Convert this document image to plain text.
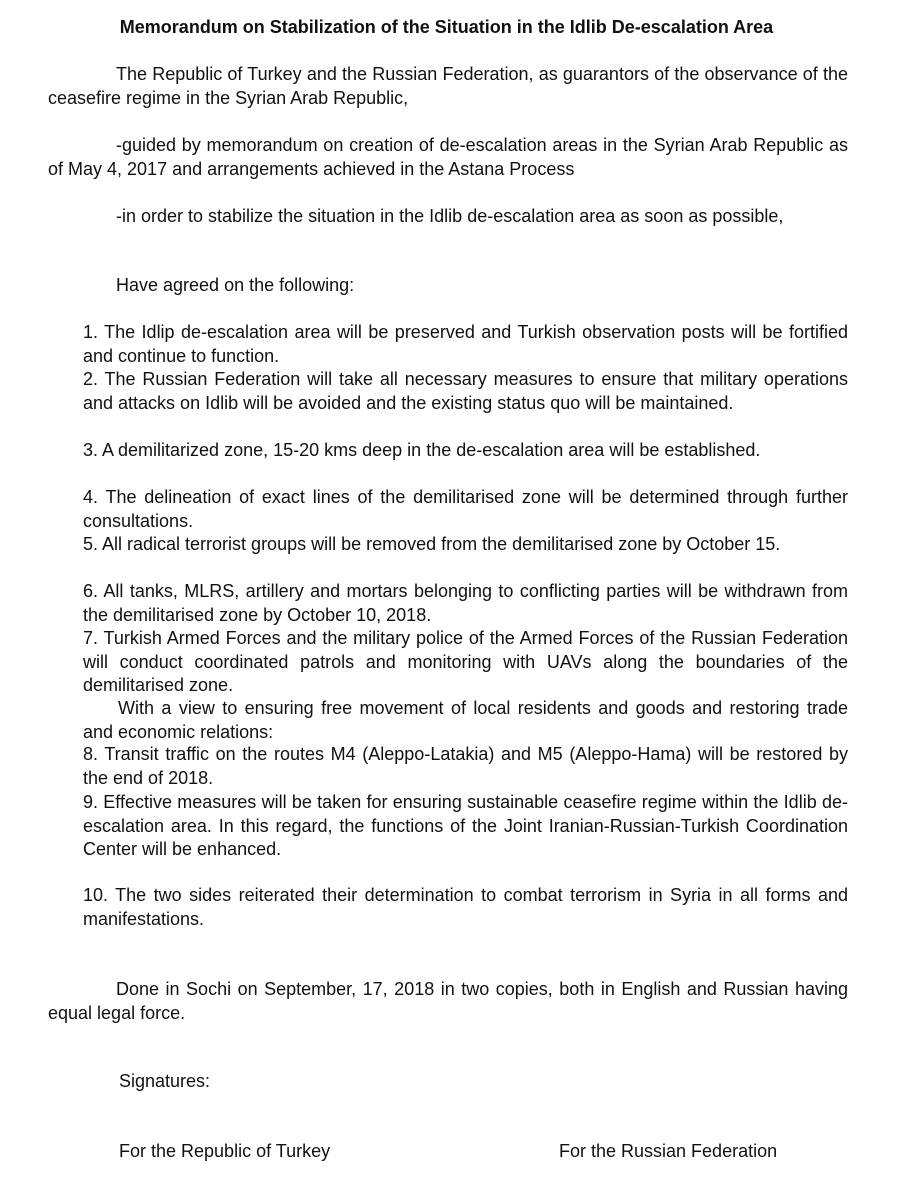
Memorandum on Stabilization of the Situation in the Idlib De-escalation Area

The Republic of Turkey and the Russian Federation, as guarantors of the observance of the ceasefire regime in the Syrian Arab Republic,

-guided by memorandum on creation of de-escalation areas in the Syrian Arab Republic as of May 4, 2017 and arrangements achieved in the Astana Process

-in order to stabilize the situation in the Idlib de-escalation area as soon as possible,

Have agreed on the following:

1. The Idlip de-escalation area will be preserved and Turkish observation posts will be fortified and continue to function.

2. The Russian Federation will take all necessary measures to ensure that military operations and attacks on Idlib will be avoided and the existing status quo will be maintained.

3. A demilitarized zone, 15-20 kms deep in the de-escalation area will be established.

4. The delineation of exact lines of the demilitarised zone will be determined through further consultations.

5. All radical terrorist groups will be removed from the demilitarised zone by October 15.

6. All tanks, MLRS, artillery and mortars belonging to conflicting parties will be withdrawn from the demilitarised zone by October 10, 2018.

7. Turkish Armed Forces and the military police of the Armed Forces of the Russian Federation will conduct coordinated patrols and monitoring with UAVs along the boundaries of the demilitarised zone.

With a view to ensuring free movement of local residents and goods and restoring trade and economic relations:

8. Transit traffic on the routes M4 (Aleppo-Latakia) and M5 (Aleppo-Hama) will be restored by the end of 2018.

9. Effective measures will be taken for ensuring sustainable ceasefire regime within the Idlib de-escalation area. In this regard, the functions of the Joint Iranian-Russian-Turkish Coordination Center will be enhanced.

10. The two sides reiterated their determination to combat terrorism in Syria in all forms and manifestations.

Done in Sochi on September, 17, 2018 in two copies, both in English and Russian having equal legal force.

Signatures:

For the Republic of Turkey	For the Russian Federation
